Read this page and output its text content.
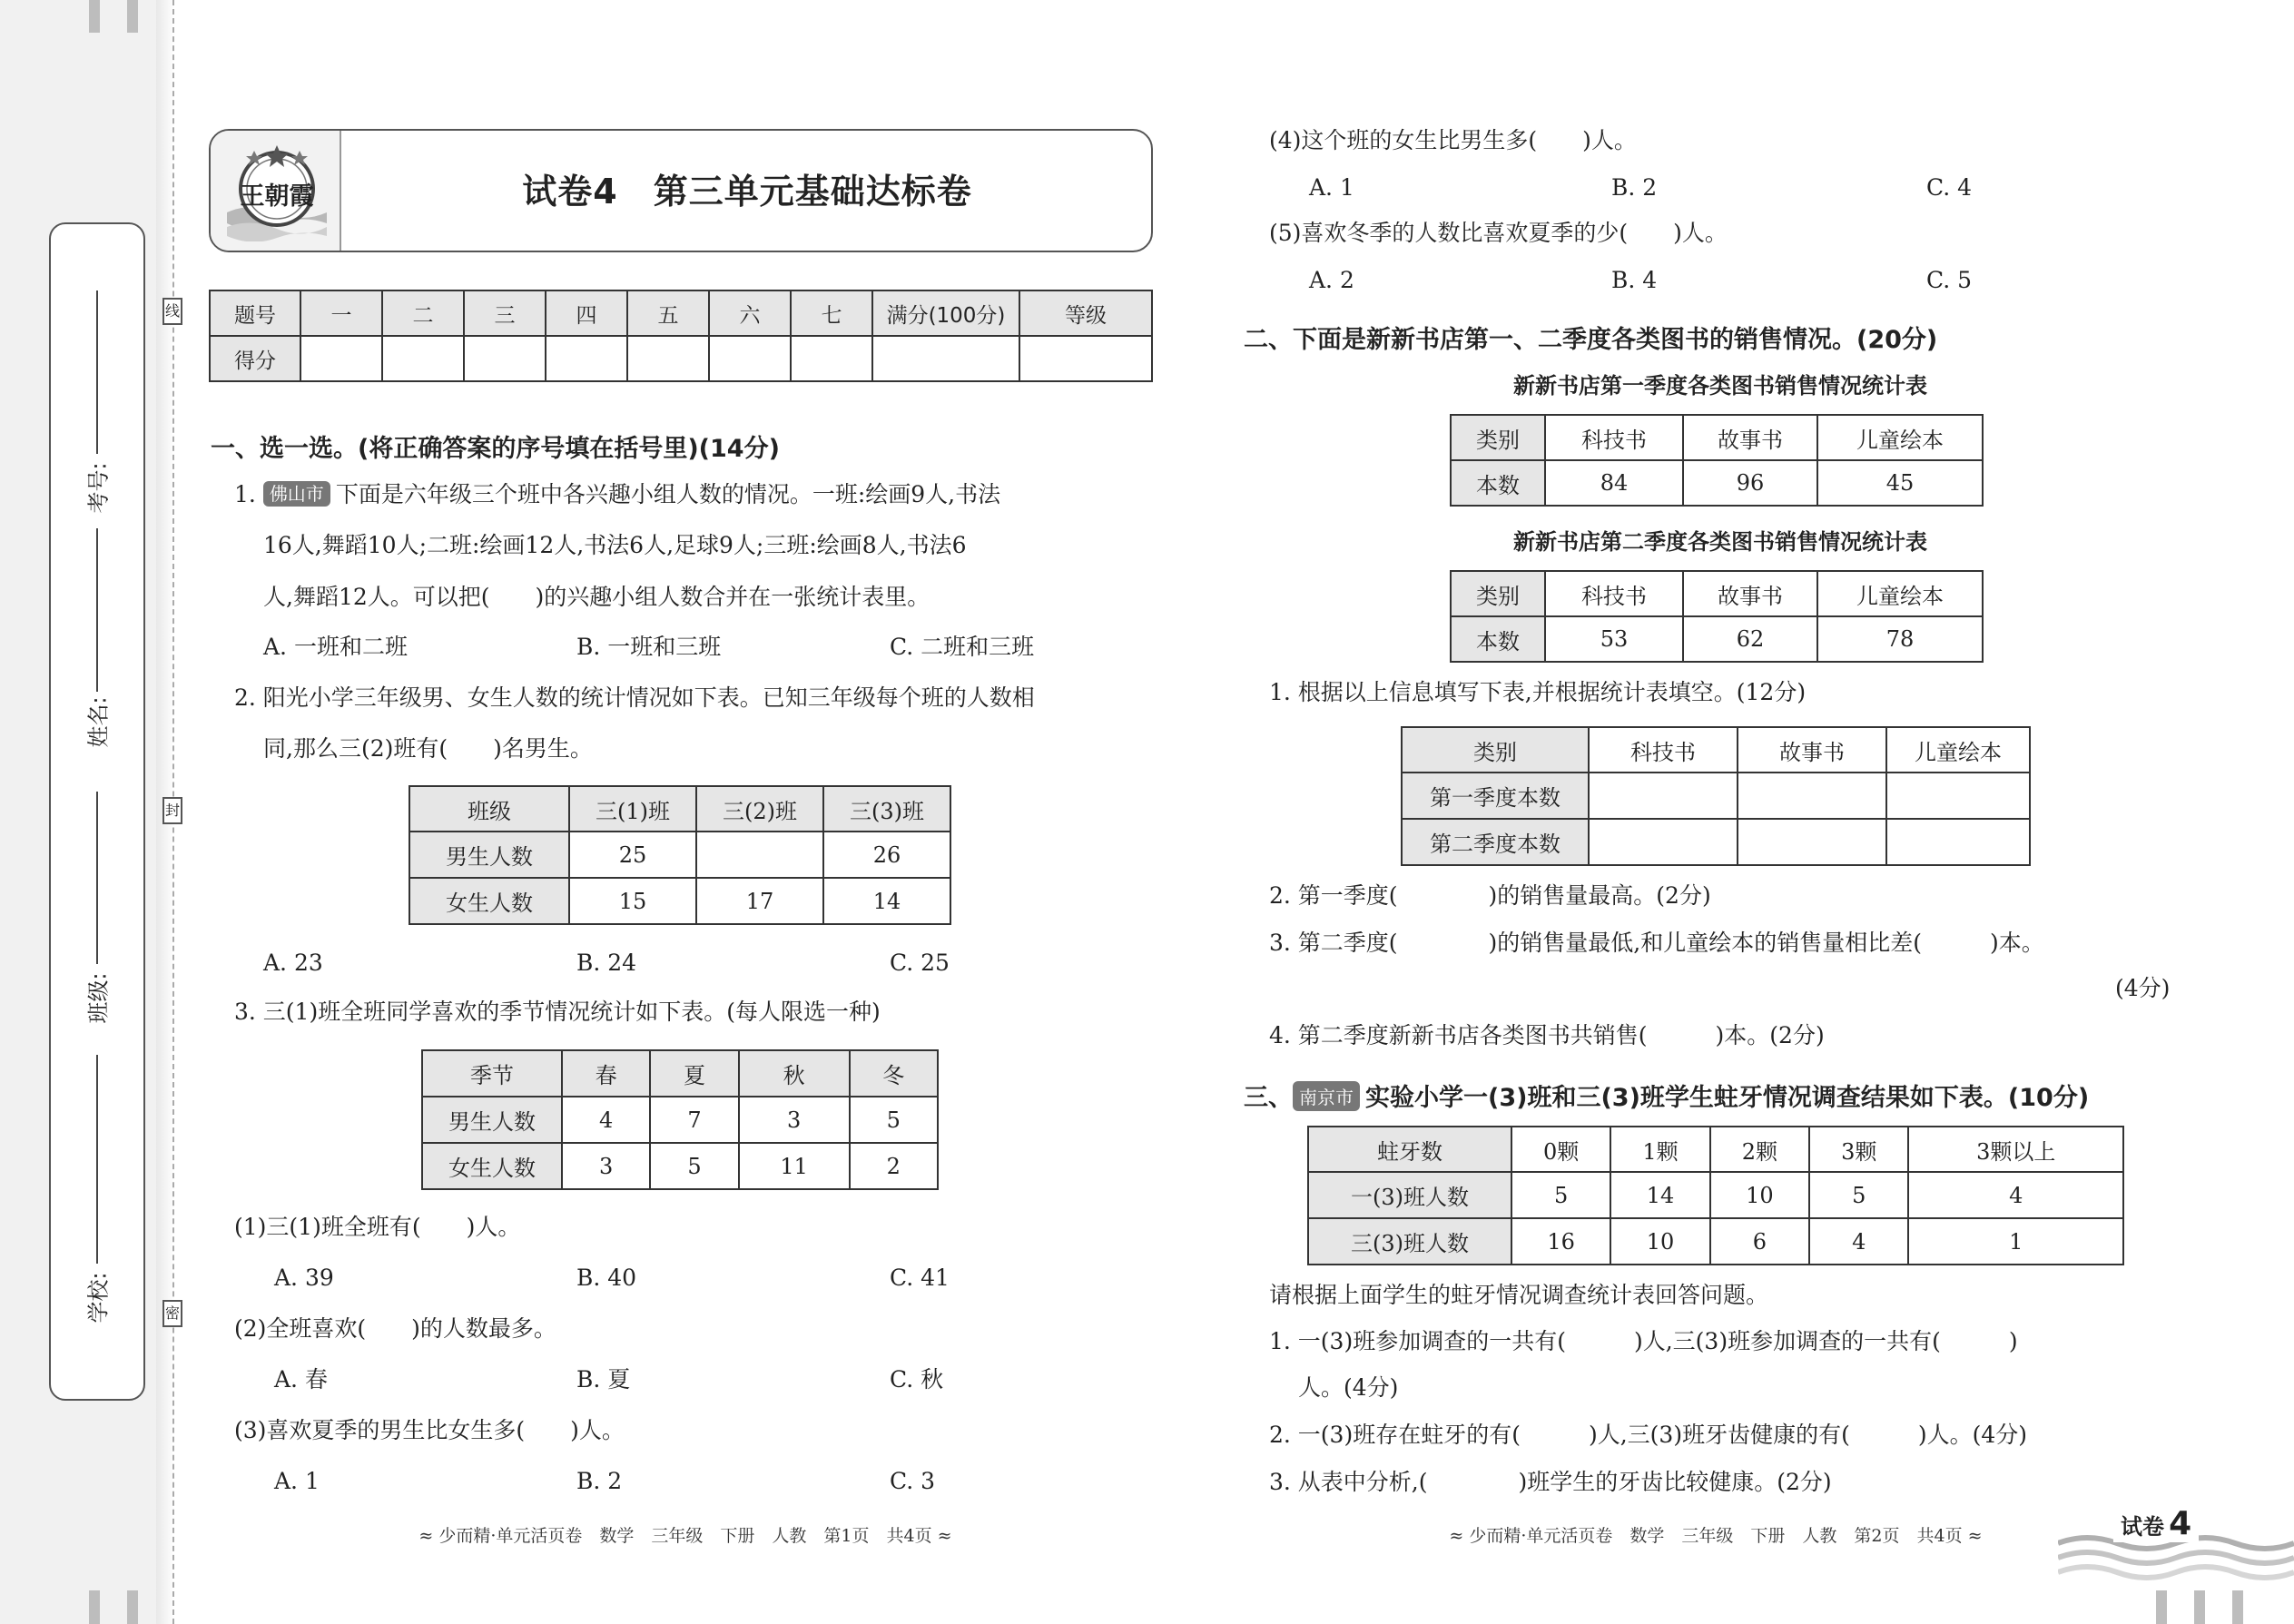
考号:
姓名:
班级:
学校:
线
封
密
王朝霞	试卷4　第三单元基础达标卷
题号	一	二	三	四	五	六	七	满分(100分)	等级
得分									
一、选一选。(将正确答案的序号填在括号里)(14分)
1. 佛山市 下面是六年级三个班中各兴趣小组人数的情况。一班:绘画9人,书法
16人,舞蹈10人;二班:绘画12人,书法6人,足球9人;三班:绘画8人,书法6
人,舞蹈12人。可以把(　　)的兴趣小组人数合并在一张统计表里。
A. 一班和二班	B. 一班和三班	C. 二班和三班
2. 阳光小学三年级男、女生人数的统计情况如下表。已知三年级每个班的人数相
同,那么三(2)班有(　　)名男生。
班级	三(1)班	三(2)班	三(3)班
男生人数	25		26
女生人数	15	17	14
A. 23	B. 24	C. 25
3. 三(1)班全班同学喜欢的季节情况统计如下表。(每人限选一种)
季节	春	夏	秋	冬
男生人数	4	7	3	5
女生人数	3	5	11	2
(1)三(1)班全班有(　　)人。
A. 39	B. 40	C. 41
(2)全班喜欢(　　)的人数最多。
A. 春	B. 夏	C. 秋
(3)喜欢夏季的男生比女生多(　　)人。
A. 1	B. 2	C. 3
≈ 少而精·单元活页卷　数学　三年级　下册　人教　第1页　共4页 ≈
(4)这个班的女生比男生多(　　)人。
A. 1	B. 2	C. 4
(5)喜欢冬季的人数比喜欢夏季的少(　　)人。
A. 2	B. 4	C. 5
二、下面是新新书店第一、二季度各类图书的销售情况。(20分)
新新书店第一季度各类图书销售情况统计表
类别	科技书	故事书	儿童绘本
本数	84	96	45
新新书店第二季度各类图书销售情况统计表
类别	科技书	故事书	儿童绘本
本数	53	62	78
1. 根据以上信息填写下表,并根据统计表填空。(12分)
类别	科技书	故事书	儿童绘本
第一季度本数			
第二季度本数			
2. 第一季度(　　　　)的销售量最高。(2分)
3. 第二季度(　　　　)的销售量最低,和儿童绘本的销售量相比差(　　　)本。
(4分)
4. 第二季度新新书店各类图书共销售(　　　)本。(2分)
三、 南京市 实验小学一(3)班和三(3)班学生蛀牙情况调查结果如下表。(10分)
蛀牙数	0颗	1颗	2颗	3颗	3颗以上
一(3)班人数	5	14	10	5	4
三(3)班人数	16	10	6	4	1
请根据上面学生的蛀牙情况调查统计表回答问题。
1. 一(3)班参加调查的一共有(　　　)人,三(3)班参加调查的一共有(　　　)
人。(4分)
2. 一(3)班存在蛀牙的有(　　　)人,三(3)班牙齿健康的有(　　　)人。(4分)
3. 从表中分析,(　　　　)班学生的牙齿比较健康。(2分)
≈ 少而精·单元活页卷　数学　三年级　下册　人教　第2页　共4页 ≈	试卷 4
